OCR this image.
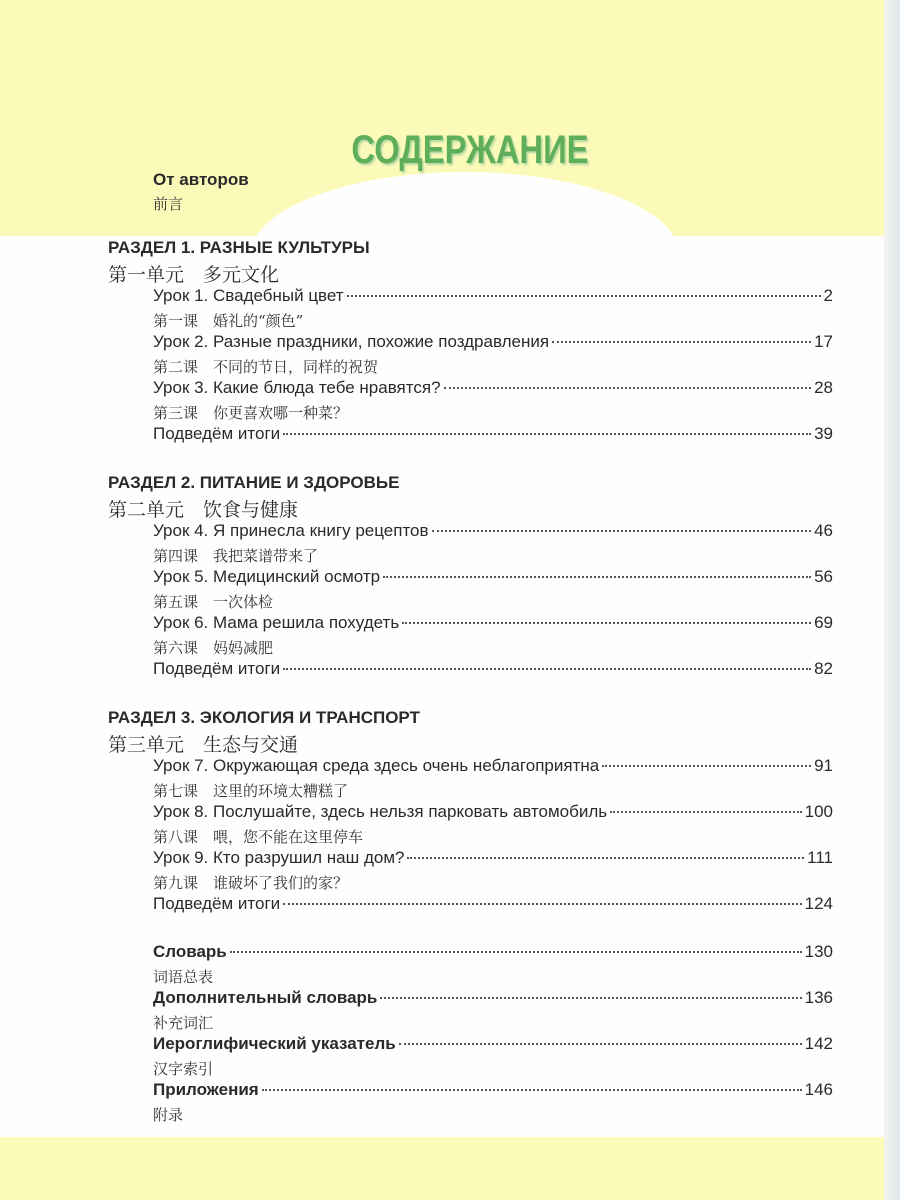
СОДЕРЖАНИЕ
От авторов
前言
РАЗДЕЛ 1. РАЗНЫЕ КУЛЬТУРЫ
第一单元　多元文化
Урок 1. Свадебный цвет	2
第一课　婚礼的“颜色”
Урок 2. Разные праздники, похожие поздравления	17
第二课　不同的节日，同样的祝贺
Урок 3. Какие блюда тебе нравятся?	28
第三课　你更喜欢哪一种菜？
Подведём итоги	39
РАЗДЕЛ 2. ПИТАНИЕ И ЗДОРОВЬЕ
第二单元　饮食与健康
Урок 4. Я принесла книгу рецептов	46
第四课　我把菜谱带来了
Урок 5. Медицинский осмотр	56
第五课　一次体检
Урок 6. Мама решила похудеть	69
第六课　妈妈减肥
Подведём итоги	82
РАЗДЕЛ 3. ЭКОЛОГИЯ И ТРАНСПОРТ
第三单元　生态与交通
Урок 7. Окружающая среда здесь очень неблагоприятна	91
第七课　这里的环境太糟糕了
Урок 8. Послушайте, здесь нельзя парковать автомобиль	100
第八课　喂，您不能在这里停车
Урок 9. Кто разрушил наш дом?	111
第九课　谁破坏了我们的家？
Подведём итоги	124
Словарь	130
词语总表
Дополнительный словарь	136
补充词汇
Иероглифический указатель	142
汉字索引
Приложения	146
附录
